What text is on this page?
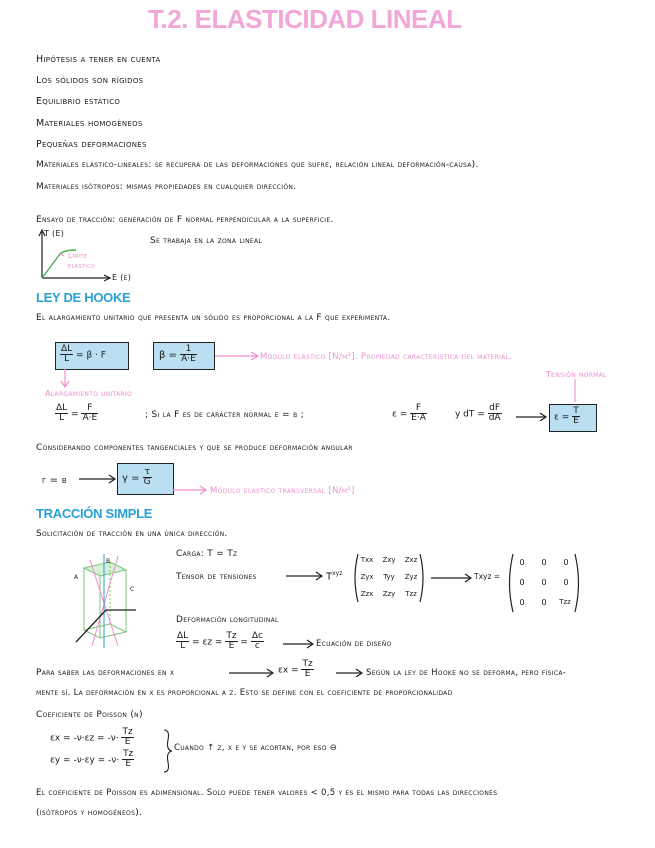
T.2. ELASTICIDAD LINEAL
Hipótesis a tener en cuenta
Los sólidos son rígidos
Equilibrio estático
Materiales homogéneos
Pequeñas deformaciones
Materiales elástico-lineales: se recupera de las deformaciones que sufre, relación lineal deformación-causa).
Materiales isótropos: mismas propiedades en cualquier dirección.
Ensayo de tracción: generación de F normal perpendicular a la superficie.
Se trabaja en la zona lineal
T (E)
E (ε)
Límite
elástico
LEY DE HOOKE
El alargamiento unitario que presenta un sólido es proporcional a la F que experimenta.
$\frac{\Delta L}{L} = \beta \cdot F$	$\beta = \frac{1}{A\cdot E}$	Módulo elástico [N/m²]. Propiedad característica del material.
Alargamiento unitario
Tensión normal
$\frac{\Delta L}{L} = \frac{F}{A\cdot E}$	; Si la F es de carácter normal ε = β ;	$\varepsilon = \frac{F}{E\cdot A}$	y dT = $\frac{dF}{dA}$	$\varepsilon = \frac{T}{E}$
Considerando componentes tangenciales y que se produce deformación angular
γ = β	$\gamma = \frac{\tau}{G}$
Módulo elástico transversal [N/m²]
TRACCIÓN SIMPLE
Solicitación de tracción en una única dirección.
a
b
c
Carga: T = Tz
Tensor de tensiones	$T^{xyz}$
Txx Zxy Zxz
Zyx Tyy Zyz
Zzx Zzy Tzz
Txyz =
0	0	0
0	0	0
0	0	Tzz
Deformación longitudinal
$\frac{\Delta L}{L} = \varepsilon z = \frac{Tz}{E} = \frac{\Delta c}{c}$	Ecuación de diseño
Para saber las deformaciones en x	$\varepsilon x = \frac{Tz}{E}$	Según la ley de Hooke no se deforma, pero física-
mente sí. La deformación en x es proporcional a z. Esto se define con el coeficiente de proporcionalidad
Coeficiente de Poisson (ν)
$\varepsilon x = -\nu\cdot\varepsilon z = -\nu\cdot \frac{Tz}{E}$
$\varepsilon y = -\nu\cdot\varepsilon y = -\nu\cdot \frac{Tz}{E}$
Cuando ↑ z, x e y se acortan, por eso ⊖
El coeficiente de Poisson es adimensional. Solo puede tener valores < 0,5 y es el mismo para todas las direcciones
(isótropos y homogéneos).
